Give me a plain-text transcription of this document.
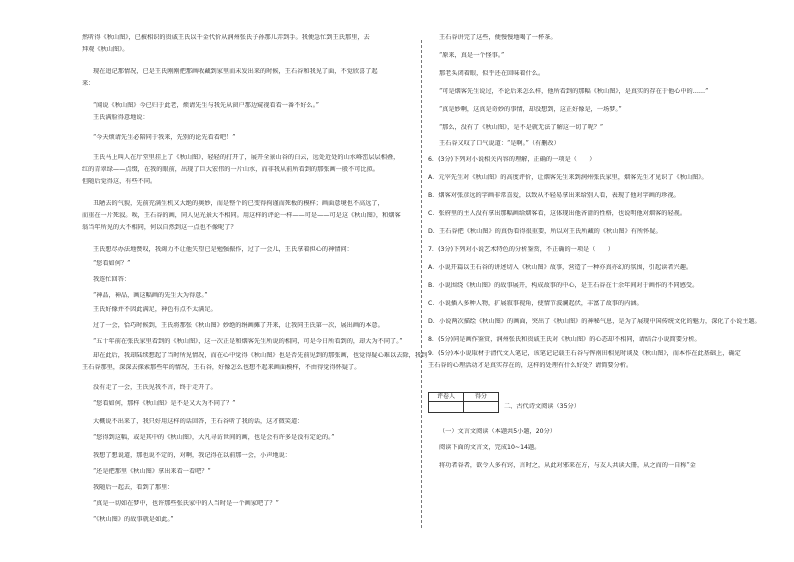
然听得《秋山图》，已被相识的贵戚王氏以千金代价从润州张氏子孙那儿弄到手。我便急忙到王氏那里，去
拜观《秋山图》。
现在追记那情况，已是王氏刚刚把那画收藏到家里而未发出来的时候，王石谷和我见了面，不觉欣喜了起
来：
“闻说《秋山图》今已归于此老，烦请先生与我先从窗户那边窥视看看一番不好么。”
王氏满脸得意地说：
“今天烦请先生必陪同于我来，先别的论先看看吧！”
王氏马上叫人在厅堂里挂上了《秋山图》，轻轻的打开了，展开全景山谷的白云，远处近处的山水峰峦层层相叠，
红的青翠绿——点缀，在我的眼前，出现了巨大宏伟的一片山水，而非我从前所看到的那张画一般不可比拟。
但随后觉得这，有些不同。
丑陋去的气貌，先前充满生机又大绝的奥妙，而是整个的已变得拘谨而死板的模样；画面意境也不高远了，
而重在一片死寂。唉，王石谷的画，同人见光景大不相同。用这样的评论一样——可是——可是这《秋山图》，和烟客
翁当年所见的大不相同，何以自然到这一点也不像呢了？
王氏想尽办法地赞叹，我竭力不让他失望已是勉强振作，过了一会儿，王氏拿着担心的神情问：
“您看如何？”
我连忙回答：
“神品，神品，画这幅画的先生大为得意。”
王氏好像并不因此满足，神色有点不太满足。
过了一会，恰巧时候到，王氏将那张《秋山图》妙绝的绢画摊了开来，让我同王氏第一次，展出画的本意。
“五十年前在张氏家里看到的《秋山图》，这一次正是和烟客先生所说的相同，可是今日所看到的，却大为不同了。”
却在此后，我却陆续想起了当时所见情况，而在心中觉得《秋山图》也是否先前见到的那张画，也觉得疑心难以去除，我到
王石谷那里，深深去探索那些年的情况，王石谷，好像怎么也想不起来画面模样，不由得觉得怀疑了。
没有走了一会，王氏见我不言，终于走开了。
“您看如何，那样《秋山图》是不是又大为不同了？”
大概说不出来了，我只好用这样的话回答，王石谷听了我的话，这才微笑道：
“您得到这幅，或是其中的《秋山图》，大凡寻访世间的画，也是会有许多是没有定论的。”
我想了想说道，那也说不定的，对啊，我记得在以前那一会，小声地说：
“还是把那里《秋山图》拿出来看一看吧？”
我随后一起去，看到了那里：
“真是一切如在梦中，也许那些张氏家中的人当时是一个画家吧了？”
“《秋山图》的故事就是如此。”
王石谷讲完了这些，便慢慢地喝了一杯茶。
“原来，真是一个怪事。”
那老头闭着眼，似乎还在回味着什么。
“可是烟客先生说过，不论后来怎么样，他所看到的那幅《秋山图》，是真实的存在于他心中的……”
“真是妙啊，这真是奇妙的事情，却没想到，这正好像是，一场梦。”
“那么，没有了《秋山图》，是不是就无法了解这一切了呢？”
王石谷又叹了口气说道：“是啊。”（有删改）
6．(3分)下列对小说相关内容的理解，正确的一项是（　　）
A．元宰先生对《秋山图》的高度评价，让烟客先生来到润州张氏家里，烟客先生才见识了《秋山图》。
B．烟客对张彦远的字画非常喜爱，以致从不轻易拿出来给别人看，表现了他对字画的珍视。
C．张府里的主人没有拿出那幅画给烟客看，这体现出他吝啬的性格，也说明他对烟客的轻视。
D．王石谷把《秋山图》的真伪看得很重要，所以对王氏所藏的《秋山图》有所怀疑。
7．(3分)下列对小说艺术特色的分析鉴赏，不正确的一项是（　　）
A．小说开篇以王石谷的讲述切入《秋山图》故事，营造了一种亦真亦幻的氛围，引起读者兴趣。
B．小说围绕《秋山图》的故事展开，构成故事的中心，是王石谷在十余年间对于画作的不同感受。
C．小说插入多种人物，扩展叙事视角，使情节波澜起伏，丰富了故事的内涵。
D．小说两次描绘《秋山图》的画面，突出了《秋山图》的神秘气息，是为了展现中国传统文化的魅力，深化了小说主题。
8．(5分)同是画作鉴赏，润州张氏和贵戚王氏对《秋山图》的心态却不相同，请结合小说简要分析。
9．(5分)本小说取材于清代文人笔记，该笔记记载王石谷与恽南田相见时谈及《秋山图》，而本作在此基础上，确定
王石谷的心理活动才是真实存在的，这样的处理有什么好处？请简要分析。
评卷人	得分

二、古代诗文阅读（35分）
（一）文言文阅读（本题共5小题，20分）
阅读下面的文言文，完成10~14题。
将功者谷者，欲令人多有窍，言时之，从此对邪来在方，与友人共读大冊，从之而的一自称“金
